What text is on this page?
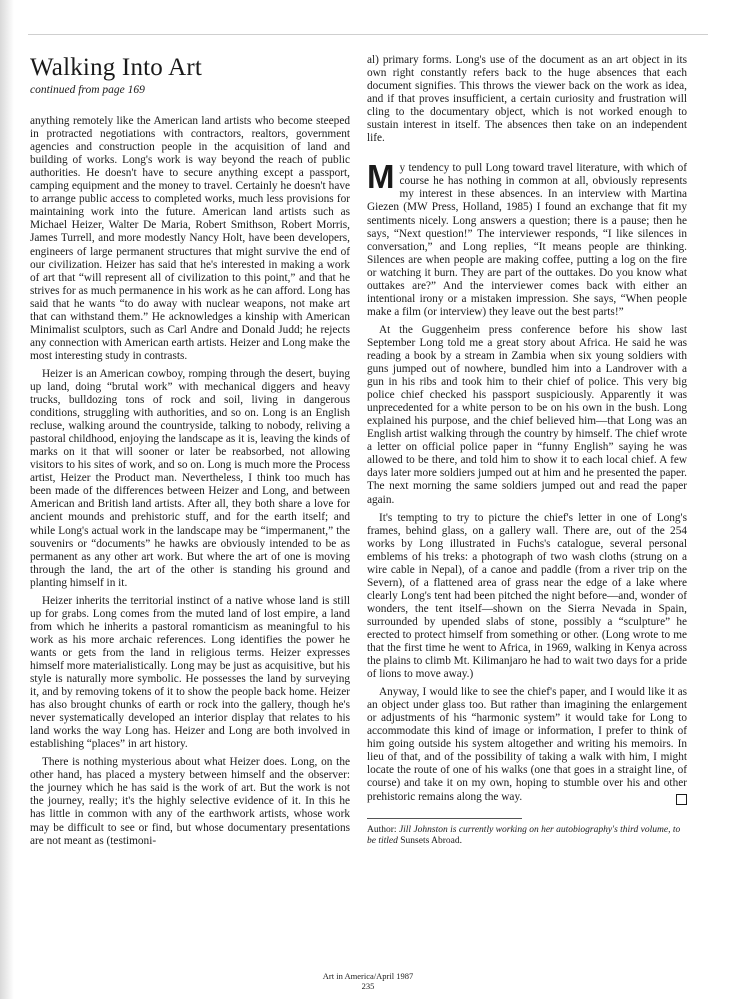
Walking Into Art
continued from page 169

anything remotely like the American land artists who become steeped in protracted negotiations with contractors, realtors, government agencies and construction people in the acquisition of land and building of works. Long's work is way beyond the reach of public authorities. He doesn't have to secure anything except a passport, camping equipment and the money to travel. Certainly he doesn't have to arrange public access to completed works, much less provisions for maintaining work into the future. American land artists such as Michael Heizer, Walter De Maria, Robert Smithson, Robert Morris, James Turrell, and more modestly Nancy Holt, have been developers, engineers of large permanent structures that might survive the end of our civilization. Heizer has said that he's interested in making a work of art that “will represent all of civilization to this point,” and that he strives for as much permanence in his work as he can afford. Long has said that he wants “to do away with nuclear weapons, not make art that can withstand them.” He acknowledges a kinship with American Minimalist sculptors, such as Carl Andre and Donald Judd; he rejects any connection with American earth artists. Heizer and Long make the most interesting study in contrasts.

Heizer is an American cowboy, romping through the desert, buying up land, doing “brutal work” with mechanical diggers and heavy trucks, bulldozing tons of rock and soil, living in dangerous conditions, struggling with authorities, and so on. Long is an English recluse, walking around the countryside, talking to nobody, reliving a pastoral childhood, enjoying the landscape as it is, leaving the kinds of marks on it that will sooner or later be reabsorbed, not allowing visitors to his sites of work, and so on. Long is much more the Process artist, Heizer the Product man. Nevertheless, I think too much has been made of the differences between Heizer and Long, and between American and British land artists. After all, they both share a love for ancient mounds and prehistoric stuff, and for the earth itself; and while Long's actual work in the landscape may be “impermanent,” the souvenirs or “documents” he hawks are obviously intended to be as permanent as any other art work. But where the art of one is moving through the land, the art of the other is standing his ground and planting himself in it.

Heizer inherits the territorial instinct of a native whose land is still up for grabs. Long comes from the muted land of lost empire, a land from which he inherits a pastoral romanticism as meaningful to his work as his more archaic references. Long identifies the power he wants or gets from the land in religious terms. Heizer expresses himself more materialistically. Long may be just as acquisitive, but his style is naturally more symbolic. He possesses the land by surveying it, and by removing tokens of it to show the people back home. Heizer has also brought chunks of earth or rock into the gallery, though he's never systematically developed an interior display that relates to his land works the way Long has. Heizer and Long are both involved in establishing “places” in art history.

There is nothing mysterious about what Heizer does. Long, on the other hand, has placed a mystery between himself and the observer: the journey which he has said is the work of art. But the work is not the journey, really; it's the highly selective evidence of it. In this he has little in common with any of the earthwork artists, whose work may be difficult to see or find, but whose documentary presentations are not meant as (testimoni-

al) primary forms. Long's use of the document as an art object in its own right constantly refers back to the huge absences that each document signifies. This throws the viewer back on the work as idea, and if that proves insufficient, a certain curiosity and frustration will cling to the documentary object, which is not worked enough to sustain interest in itself. The absences then take on an independent life.

My tendency to pull Long toward travel literature, with which of course he has nothing in common at all, obviously represents my interest in these absences. In an interview with Martina Giezen (MW Press, Holland, 1985) I found an exchange that fit my sentiments nicely. Long answers a question; there is a pause; then he says, “Next question!” The interviewer responds, “I like silences in conversation,” and Long replies, “It means people are thinking. Silences are when people are making coffee, putting a log on the fire or watching it burn. They are part of the outtakes. Do you know what outtakes are?” And the interviewer comes back with either an intentional irony or a mistaken impression. She says, “When people make a film (or interview) they leave out the best parts!”

At the Guggenheim press conference before his show last September Long told me a great story about Africa. He said he was reading a book by a stream in Zambia when six young soldiers with guns jumped out of nowhere, bundled him into a Landrover with a gun in his ribs and took him to their chief of police. This very big police chief checked his passport suspiciously. Apparently it was unprecedented for a white person to be on his own in the bush. Long explained his purpose, and the chief believed him—that Long was an English artist walking through the country by himself. The chief wrote a letter on official police paper in “funny English” saying he was allowed to be there, and told him to show it to each local chief. A few days later more soldiers jumped out at him and he presented the paper. The next morning the same soldiers jumped out and read the paper again.

It's tempting to try to picture the chief's letter in one of Long's frames, behind glass, on a gallery wall. There are, out of the 254 works by Long illustrated in Fuchs's catalogue, several personal emblems of his treks: a photograph of two wash cloths (strung on a wire cable in Nepal), of a canoe and paddle (from a river trip on the Severn), of a flattened area of grass near the edge of a lake where clearly Long's tent had been pitched the night before—and, wonder of wonders, the tent itself—shown on the Sierra Nevada in Spain, surrounded by upended slabs of stone, possibly a “sculpture” he erected to protect himself from something or other. (Long wrote to me that the first time he went to Africa, in 1969, walking in Kenya across the plains to climb Mt. Kilimanjaro he had to wait two days for a pride of lions to move away.)

Anyway, I would like to see the chief's paper, and I would like it as an object under glass too. But rather than imagining the enlargement or adjustments of his “harmonic system” it would take for Long to accommodate this kind of image or information, I prefer to think of him going outside his system altogether and writing his memoirs. In lieu of that, and of the possibility of taking a walk with him, I might locate the route of one of his walks (one that goes in a straight line, of course) and take it on my own, hoping to stumble over his and other prehistoric remains along the way.

Author: Jill Johnston is currently working on her autobiography's third volume, to be titled Sunsets Abroad.
Art in America/April 1987
235
